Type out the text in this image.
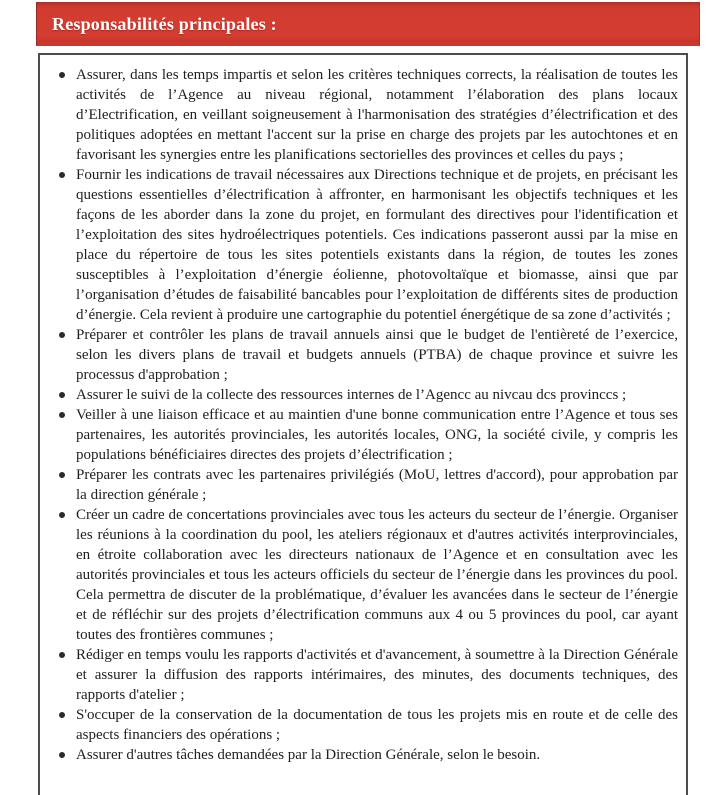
Responsabilités principales :
Assurer, dans les temps impartis et selon les critères techniques corrects, la réalisation de toutes les activités de l’Agence au niveau régional, notamment l’élaboration des plans locaux d’Electrification, en veillant soigneusement à l'harmonisation des stratégies d’électrification et des politiques adoptées en mettant l'accent sur la prise en charge des projets par les autochtones et en favorisant les synergies entre les planifications sectorielles des provinces et celles du pays ;
Fournir les indications de travail nécessaires aux Directions technique et de projets, en précisant les questions essentielles d’électrification à affronter, en harmonisant les objectifs techniques et les façons de les aborder dans la zone du projet, en formulant des directives pour l'identification et l’exploitation des sites hydroélectriques potentiels. Ces indications passeront aussi par la mise en place du répertoire de tous les sites potentiels existants dans la région, de toutes les zones susceptibles à l’exploitation d’énergie éolienne, photovoltaïque et biomasse, ainsi que par l’organisation d’études de faisabilité bancables pour l’exploitation de différents sites de production d’énergie. Cela revient à produire une cartographie du potentiel énergétique de sa zone d’activités ;
Préparer et contrôler les plans de travail annuels ainsi que le budget de l'entièreté de l’exercice, selon les divers plans de travail et budgets annuels (PTBA) de chaque province et suivre les processus d'approbation ;
Assurer le suivi de la collecte des ressources internes de l’Agencc au nivcau dcs provinccs ;
Veiller à une liaison efficace et au maintien d'une bonne communication entre l’Agence et tous ses partenaires, les autorités provinciales, les autorités locales, ONG, la société civile, y compris les populations bénéficiaires directes des projets d’électrification ;
Préparer les contrats avec les partenaires privilégiés (MoU, lettres d'accord), pour approbation par la direction générale ;
Créer un cadre de concertations provinciales avec tous les acteurs du secteur de l’énergie. Organiser les réunions à la coordination du pool, les ateliers régionaux et d'autres activités interprovinciales, en étroite collaboration avec les directeurs nationaux de l’Agence et en consultation avec les autorités provinciales et tous les acteurs officiels du secteur de l’énergie dans les provinces du pool. Cela permettra de discuter de la problématique, d’évaluer les avancées dans le secteur de l’énergie et de réfléchir sur des projets d’électrification communs aux 4 ou 5 provinces du pool, car ayant toutes des frontières communes ;
Rédiger en temps voulu les rapports d'activités et d'avancement, à soumettre à la Direction Générale et assurer la diffusion des rapports intérimaires, des minutes, des documents techniques, des rapports d'atelier ;
S'occuper de la conservation de la documentation de tous les projets mis en route et de celle des aspects financiers des opérations ;
Assurer d'autres tâches demandées par la Direction Générale, selon le besoin.
